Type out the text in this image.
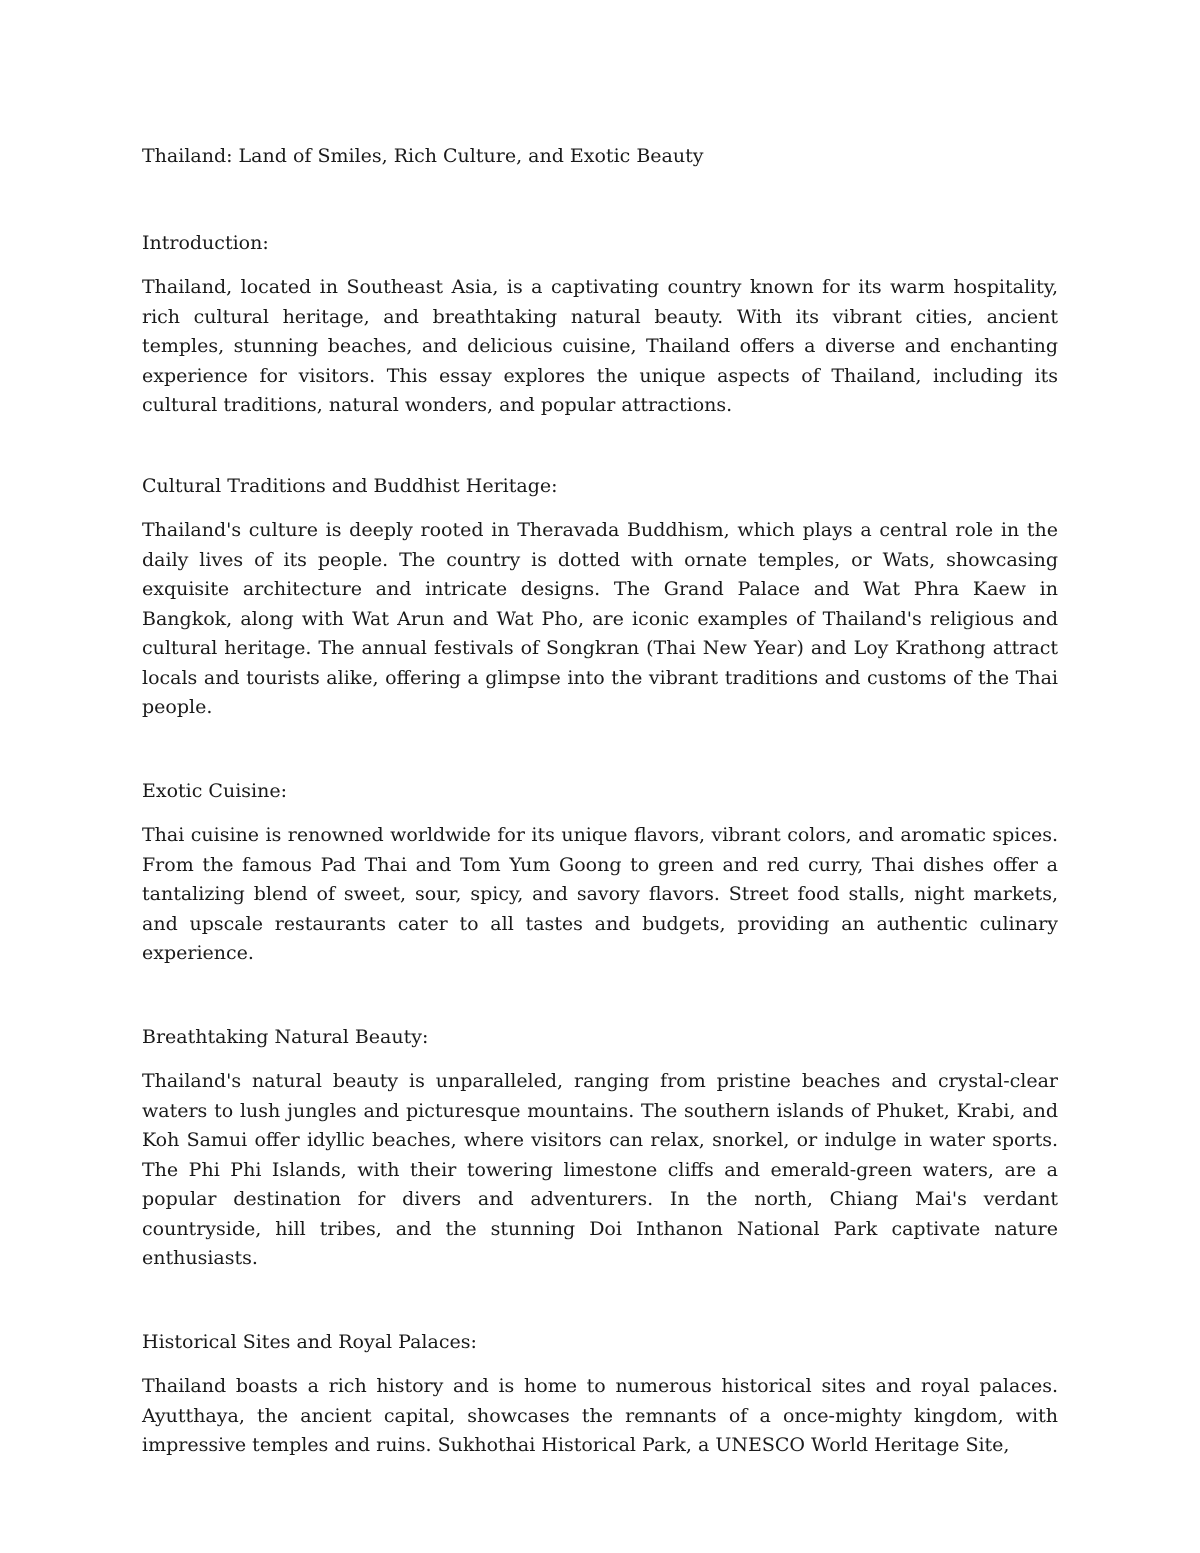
Thailand: Land of Smiles, Rich Culture, and Exotic Beauty

Introduction:

Thailand, located in Southeast Asia, is a captivating country known for its warm hospitality, rich cultural heritage, and breathtaking natural beauty. With its vibrant cities, ancient temples, stunning beaches, and delicious cuisine, Thailand offers a diverse and enchanting experience for visitors. This essay explores the unique aspects of Thailand, including its cultural traditions, natural wonders, and popular attractions.

Cultural Traditions and Buddhist Heritage:

Thailand's culture is deeply rooted in Theravada Buddhism, which plays a central role in the daily lives of its people. The country is dotted with ornate temples, or Wats, showcasing exquisite architecture and intricate designs. The Grand Palace and Wat Phra Kaew in Bangkok, along with Wat Arun and Wat Pho, are iconic examples of Thailand's religious and cultural heritage. The annual festivals of Songkran (Thai New Year) and Loy Krathong attract locals and tourists alike, offering a glimpse into the vibrant traditions and customs of the Thai people.

Exotic Cuisine:

Thai cuisine is renowned worldwide for its unique flavors, vibrant colors, and aromatic spices. From the famous Pad Thai and Tom Yum Goong to green and red curry, Thai dishes offer a tantalizing blend of sweet, sour, spicy, and savory flavors. Street food stalls, night markets, and upscale restaurants cater to all tastes and budgets, providing an authentic culinary experience.

Breathtaking Natural Beauty:

Thailand's natural beauty is unparalleled, ranging from pristine beaches and crystal-clear waters to lush jungles and picturesque mountains. The southern islands of Phuket, Krabi, and Koh Samui offer idyllic beaches, where visitors can relax, snorkel, or indulge in water sports. The Phi Phi Islands, with their towering limestone cliffs and emerald-green waters, are a popular destination for divers and adventurers. In the north, Chiang Mai's verdant countryside, hill tribes, and the stunning Doi Inthanon National Park captivate nature enthusiasts.

Historical Sites and Royal Palaces:

Thailand boasts a rich history and is home to numerous historical sites and royal palaces. Ayutthaya, the ancient capital, showcases the remnants of a once-mighty kingdom, with impressive temples and ruins. Sukhothai Historical Park, a UNESCO World Heritage Site,
